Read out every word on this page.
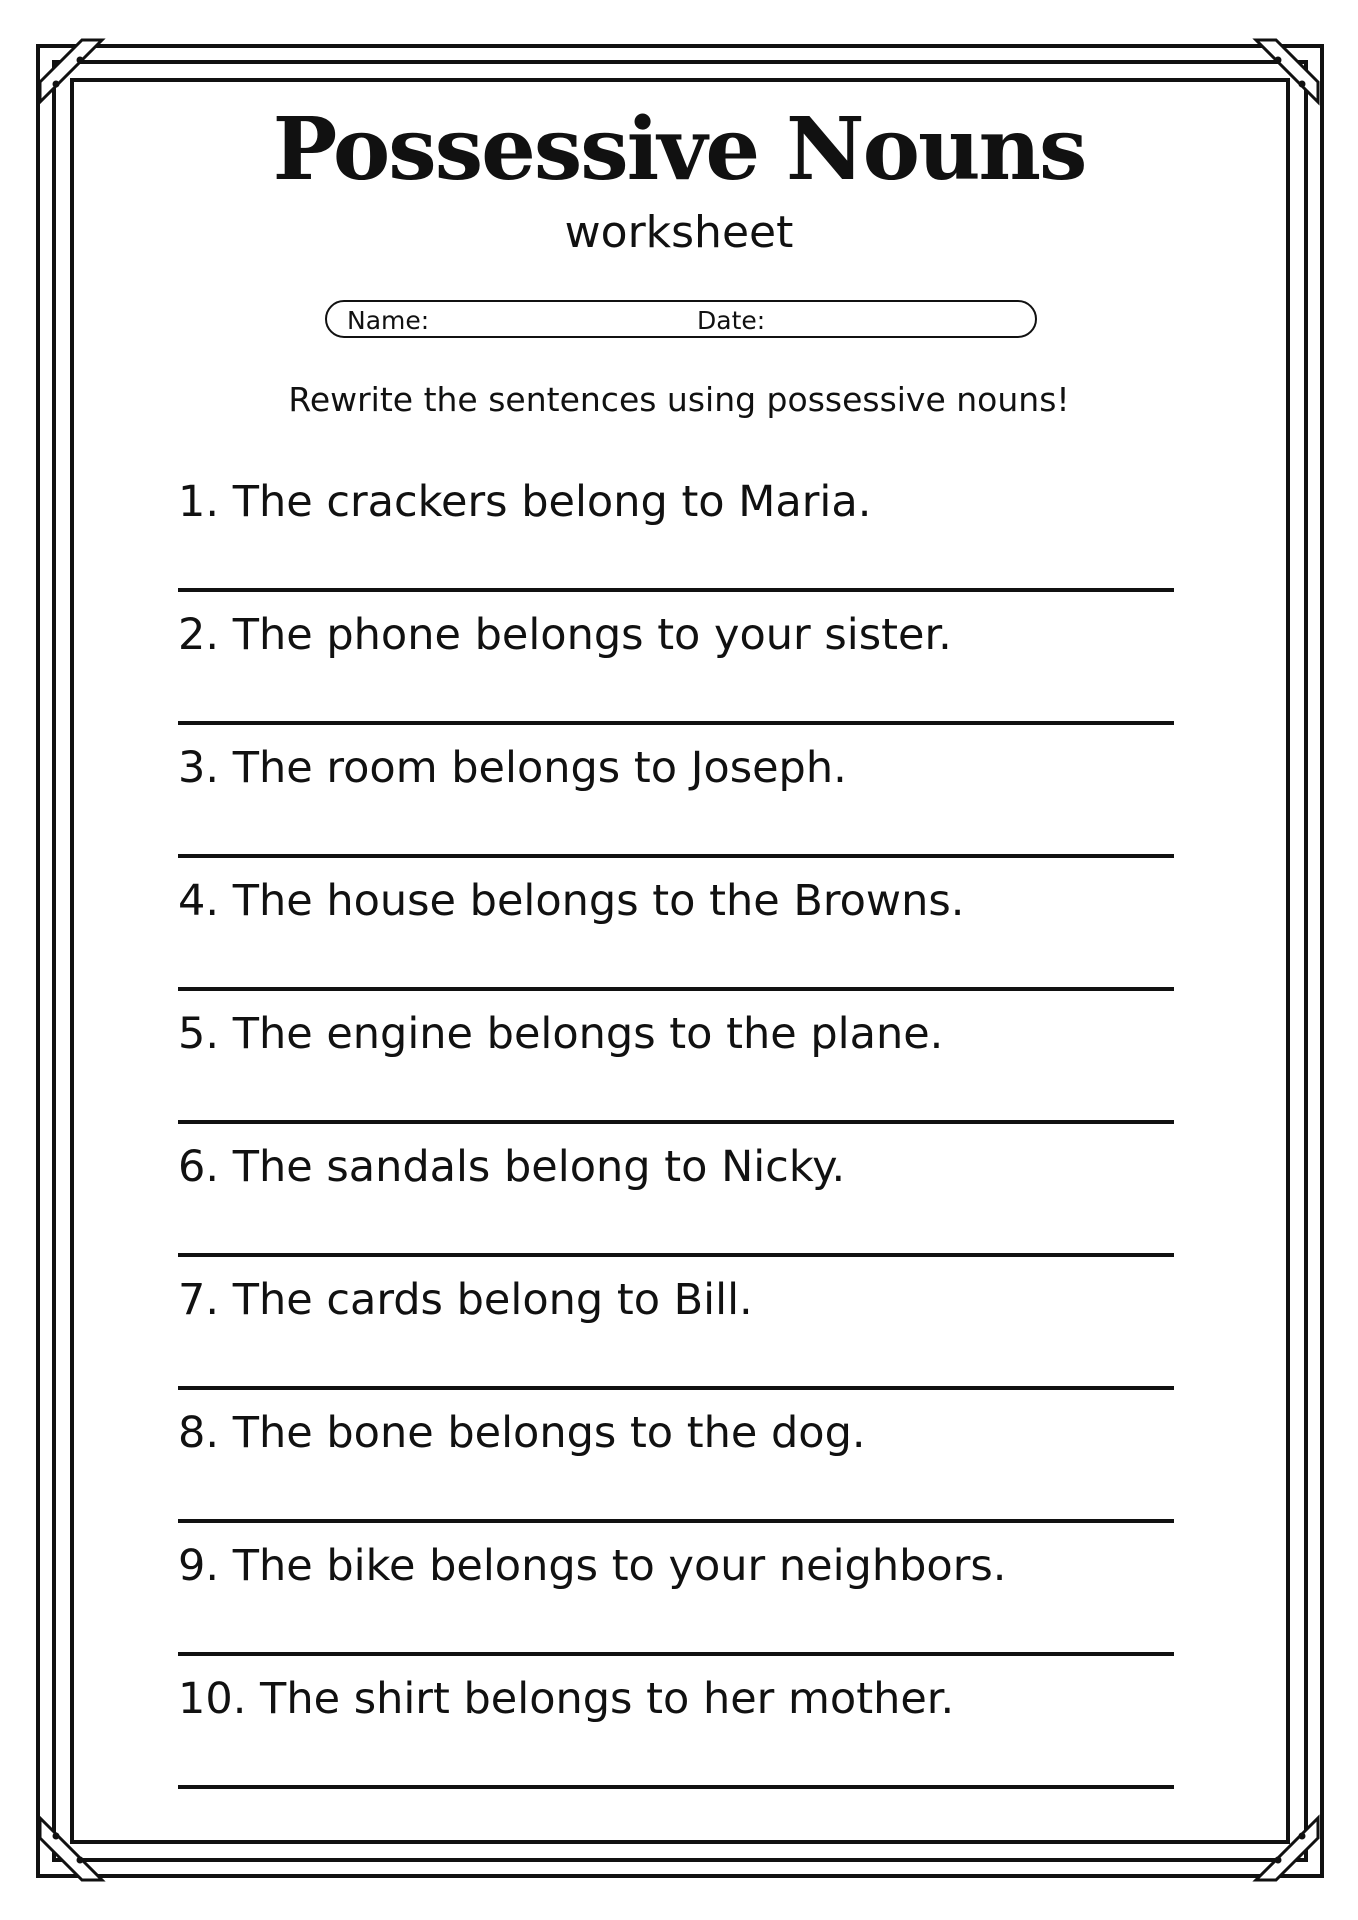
Possessive Nouns
worksheet
Name:	Date:
Rewrite the sentences using possessive nouns!
1. The crackers belong to Maria.
2. The phone belongs to your sister.
3. The room belongs to Joseph.
4. The house belongs to the Browns.
5. The engine belongs to the plane.
6. The sandals belong to Nicky.
7. The cards belong to Bill.
8. The bone belongs to the dog.
9. The bike belongs to your neighbors.
10. The shirt belongs to her mother.
